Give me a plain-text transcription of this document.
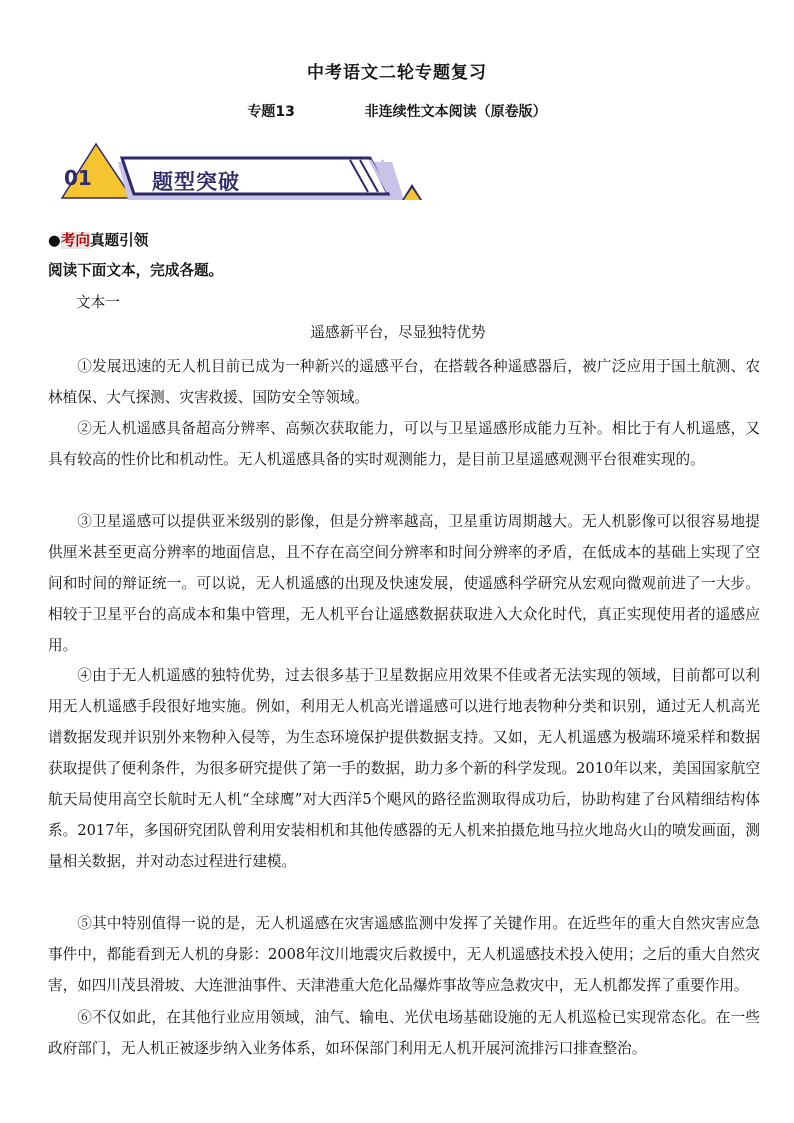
中考语文二轮专题复习
专题13	非连续性文本阅读（原卷版）
01	题型突破
●考向真题引领
阅读下面文本，完成各题。
文本一
遥感新平台，尽显独特优势

①发展迅速的无人机目前已成为一种新兴的遥感平台，在搭载各种遥感器后，被广泛应用于国土航测、农林植保、大气探测、灾害救援、国防安全等领域。

②无人机遥感具备超高分辨率、高频次获取能力，可以与卫星遥感形成能力互补。相比于有人机遥感，又具有较高的性价比和机动性。无人机遥感具备的实时观测能力，是目前卫星遥感观测平台很难实现的。

③卫星遥感可以提供亚米级别的影像，但是分辨率越高，卫星重访周期越大。无人机影像可以很容易地提供厘米甚至更高分辨率的地面信息，且不存在高空间分辨率和时间分辨率的矛盾，在低成本的基础上实现了空间和时间的辩证统一。可以说，无人机遥感的出现及快速发展，使遥感科学研究从宏观向微观前进了一大步。相较于卫星平台的高成本和集中管理，无人机平台让遥感数据获取进入大众化时代，真正实现使用者的遥感应用。

④由于无人机遥感的独特优势，过去很多基于卫星数据应用效果不佳或者无法实现的领域，目前都可以利用无人机遥感手段很好地实施。例如，利用无人机高光谱遥感可以进行地表物种分类和识别，通过无人机高光谱数据发现并识别外来物种入侵等，为生态环境保护提供数据支持。又如，无人机遥感为极端环境采样和数据获取提供了便利条件，为很多研究提供了第一手的数据，助力多个新的科学发现。2010年以来，美国国家航空航天局使用高空长航时无人机“全球鹰”对大西洋5个飓风的路径监测取得成功后，协助构建了台风精细结构体系。2017年，多国研究团队曾利用安装相机和其他传感器的无人机来拍摄危地马拉火地岛火山的喷发画面，测量相关数据，并对动态过程进行建模。

⑤其中特别值得一说的是，无人机遥感在灾害遥感监测中发挥了关键作用。在近些年的重大自然灾害应急事件中，都能看到无人机的身影：2008年汶川地震灾后救援中，无人机遥感技术投入使用；之后的重大自然灾害，如四川茂县滑坡、大连泄油事件、天津港重大危化品爆炸事故等应急救灾中，无人机都发挥了重要作用。

⑥不仅如此，在其他行业应用领域，油气、输电、光伏电场基础设施的无人机巡检已实现常态化。在一些政府部门，无人机正被逐步纳入业务体系，如环保部门利用无人机开展河流排污口排查整治。
